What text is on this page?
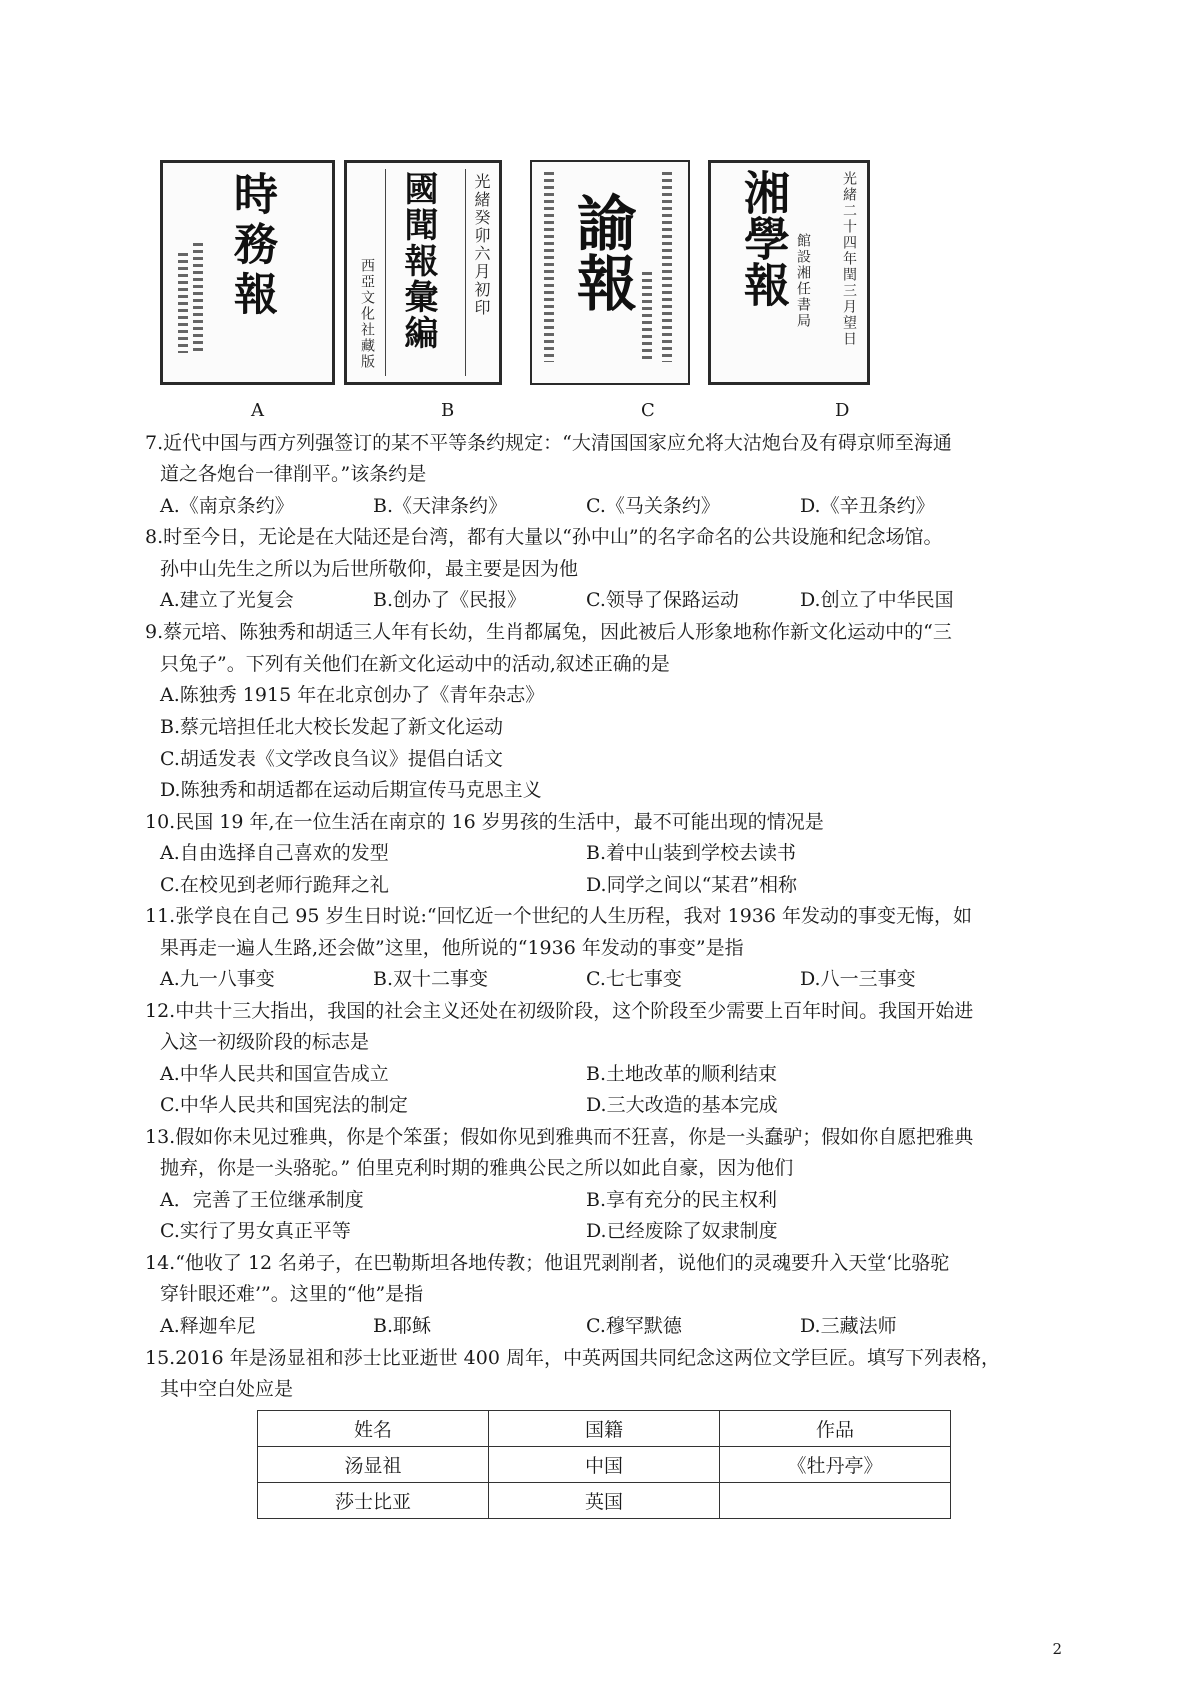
時務報	國聞報彙編 光緒癸卯六月初印
西亞文化社藏版
諭報 湘學報	光緒二十四年閏三月望日
館設湘任書局
A	B	C	D
7.近代中国与西方列强签订的某不平等条约规定：“大清国国家应允将大沽炮台及有碍京师至海通
道之各炮台一律削平。”该条约是
A.《南京条约》	B.《天津条约》	C.《马关条约》	D.《辛丑条约》
8.时至今日，无论是在大陆还是台湾，都有大量以“孙中山”的名字命名的公共设施和纪念场馆。
孙中山先生之所以为后世所敬仰，最主要是因为他
A.建立了光复会	B.创办了《民报》	C.领导了保路运动	D.创立了中华民国
9.蔡元培、陈独秀和胡适三人年有长幼，生肖都属兔，因此被后人形象地称作新文化运动中的“三
只兔子”。下列有关他们在新文化运动中的活动,叙述正确的是
A.陈独秀 1915 年在北京创办了《青年杂志》
B.蔡元培担任北大校长发起了新文化运动
C.胡适发表《文学改良刍议》提倡白话文
D.陈独秀和胡适都在运动后期宣传马克思主义
10.民国 19 年,在一位生活在南京的 16 岁男孩的生活中，最不可能出现的情况是
A.自由选择自己喜欢的发型	B.着中山装到学校去读书
C.在校见到老师行跪拜之礼	D.同学之间以“某君”相称
11.张学良在自己 95 岁生日时说:“回忆近一个世纪的人生历程，我对 1936 年发动的事变无悔，如
果再走一遍人生路,还会做”这里，他所说的“1936 年发动的事变”是指
A.九一八事变	B.双十二事变	C.七七事变	D.八一三事变
12.中共十三大指出，我国的社会主义还处在初级阶段，这个阶段至少需要上百年时间。我国开始进
入这一初级阶段的标志是
A.中华人民共和国宣告成立	B.土地改革的顺利结束
C.中华人民共和国宪法的制定	D.三大改造的基本完成
13.假如你未见过雅典，你是个笨蛋；假如你见到雅典而不狂喜，你是一头蠢驴；假如你自愿把雅典
抛弃，你是一头骆驼。” 伯里克利时期的雅典公民之所以如此自豪，因为他们
A．完善了王位继承制度	B.享有充分的民主权利
C.实行了男女真正平等	D.已经废除了奴隶制度
14.“他收了 12 名弟子，在巴勒斯坦各地传教；他诅咒剥削者，说他们的灵魂要升入天堂‘比骆驼
穿针眼还难’”。这里的“他”是指
A.释迦牟尼	B.耶稣	C.穆罕默德	D.三藏法师
15.2016 年是汤显祖和莎士比亚逝世 400 周年，中英两国共同纪念这两位文学巨匠。填写下列表格，
其中空白处应是
姓名	国籍	作品
汤显祖	中国	《牡丹亭》
莎士比亚	英国	
2
